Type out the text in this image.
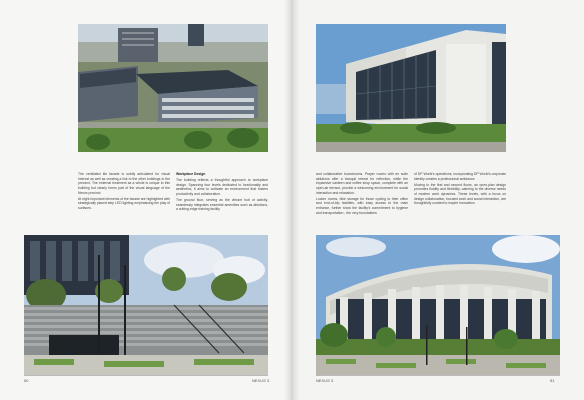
The ventilated tile facade is subtly articulated for visual interest as well as creating a link to the other buildings in the precinct. The external treatment as a whole is unique to this building but clearly forms part of the visual language of the Nexus precinct.

At night important elements of the facade are highlighted with strategically placed step LED lighting emphasising the play of surfaces.

Workplace Design

The building reflects a thoughtful approach to workplace design. Spanning four levels dedicated to functionality and aesthetics, it aims to cultivate an environment that fosters productivity and collaboration.

The ground floor, serving as the vibrant hub of activity, seamlessly integrates essential amenities such as ablutions, a cutting-edge training facility

50	NEXUS 3

and collaborative boardrooms. Prayer rooms with en suite ablutions offer a tranquil retreat for reflection, while the expansive canteen and coffee shop space, complete with an open-air terrace, provide a welcoming environment for social interaction and relaxation.

Locker rooms, bike storage for those cycling to their office and end-of-trip facilities, with easy access to the main entrance, further show the facility's commitment to hygiene and transportation - the very foundations

of DP World's operations, incorporating DP World's corporate identity creates a professional ambiance.

Moving to the first and second floors, an open-plan design promotes fluidity and flexibility, catering to the diverse needs of modern work dynamics. These levels, with a focus on design collaboration, focused work and social interaction, are thoughtfully curated to inspire innovation

NEXUS 3	51
